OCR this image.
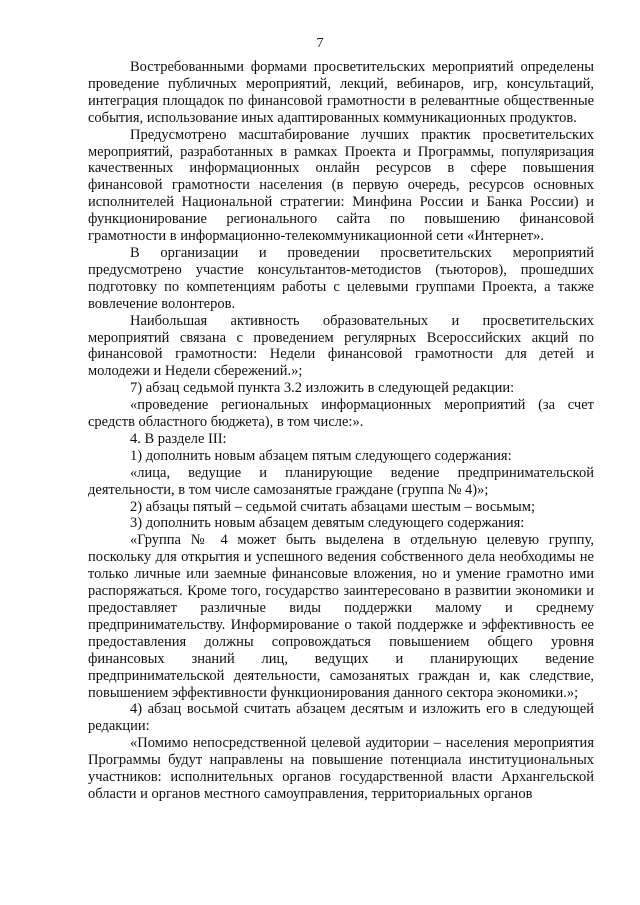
7

Востребованными формами просветительских мероприятий определены проведение публичных мероприятий, лекций, вебинаров, игр, консультаций, интеграция площадок по финансовой грамотности в релевантные общественные события, использование иных адаптированных коммуникационных продуктов.

Предусмотрено масштабирование лучших практик просветительских мероприятий, разработанных в рамках Проекта и Программы, популяризация качественных информационных онлайн ресурсов в сфере повышения финансовой грамотности населения (в первую очередь, ресурсов основных исполнителей Национальной стратегии: Минфина России и Банка России) и функционирование регионального сайта по повышению финансовой грамотности в информационно-телекоммуникационной сети «Интернет».

В организации и проведении просветительских мероприятий предусмотрено участие консультантов-методистов (тьюторов), прошедших подготовку по компетенциям работы с целевыми группами Проекта, а также вовлечение волонтеров.

Наибольшая активность образовательных и просветительских мероприятий связана с проведением регулярных Всероссийских акций по финансовой грамотности: Недели финансовой грамотности для детей и молодежи и Недели сбережений.»;

7) абзац седьмой пункта 3.2 изложить в следующей редакции:

«проведение региональных информационных мероприятий (за счет средств областного бюджета), в том числе:».

4. В разделе III:

1) дополнить новым абзацем пятым следующего содержания:

«лица, ведущие и планирующие ведение предпринимательской деятельности, в том числе самозанятые граждане (группа № 4)»;

2) абзацы пятый – седьмой считать абзацами шестым – восьмым;

3) дополнить новым абзацем девятым следующего содержания:

«Группа № 4 может быть выделена в отдельную целевую группу, поскольку для открытия и успешного ведения собственного дела необходимы не только личные или заемные финансовые вложения, но и умение грамотно ими распоряжаться. Кроме того, государство заинтересовано в развитии экономики и предоставляет различные виды поддержки малому и среднему предпринимательству. Информирование о такой поддержке и эффективность ее предоставления должны сопровождаться повышением общего уровня финансовых знаний лиц, ведущих и планирующих ведение предпринимательской деятельности, самозанятых граждан и, как следствие, повышением эффективности функционирования данного сектора экономики.»;

4) абзац восьмой считать абзацем десятым и изложить его в следующей редакции:

«Помимо непосредственной целевой аудитории – населения мероприятия Программы будут направлены на повышение потенциала институциональных участников: исполнительных органов государственной власти Архангельской области и органов местного самоуправления, территориальных органов
